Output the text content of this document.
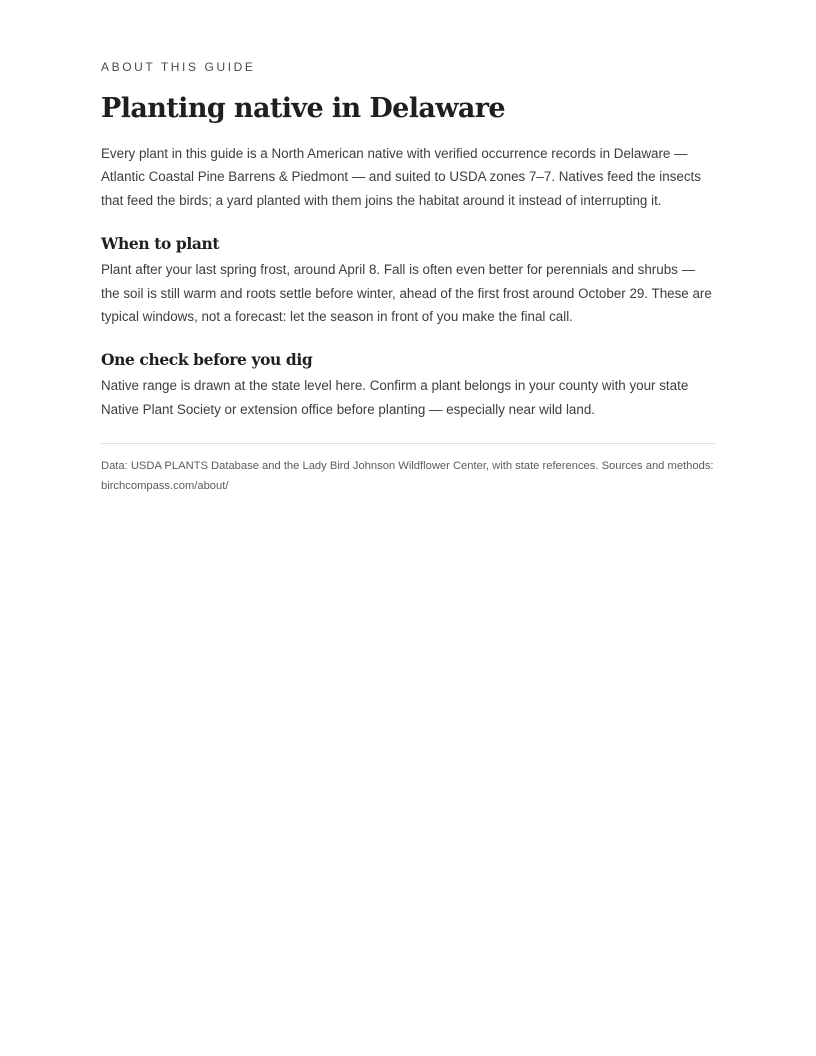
ABOUT THIS GUIDE

Planting native in Delaware

Every plant in this guide is a North American native with verified occurrence records in Delaware — Atlantic Coastal Pine Barrens & Piedmont — and suited to USDA zones 7–7. Natives feed the insects that feed the birds; a yard planted with them joins the habitat around it instead of interrupting it.

When to plant

Plant after your last spring frost, around April 8. Fall is often even better for perennials and shrubs — the soil is still warm and roots settle before winter, ahead of the first frost around October 29. These are typical windows, not a forecast: let the season in front of you make the final call.

One check before you dig

Native range is drawn at the state level here. Confirm a plant belongs in your county with your state Native Plant Society or extension office before planting — especially near wild land.

Data: USDA PLANTS Database and the Lady Bird Johnson Wildflower Center, with state references. Sources and methods: birchcompass.com/about/
